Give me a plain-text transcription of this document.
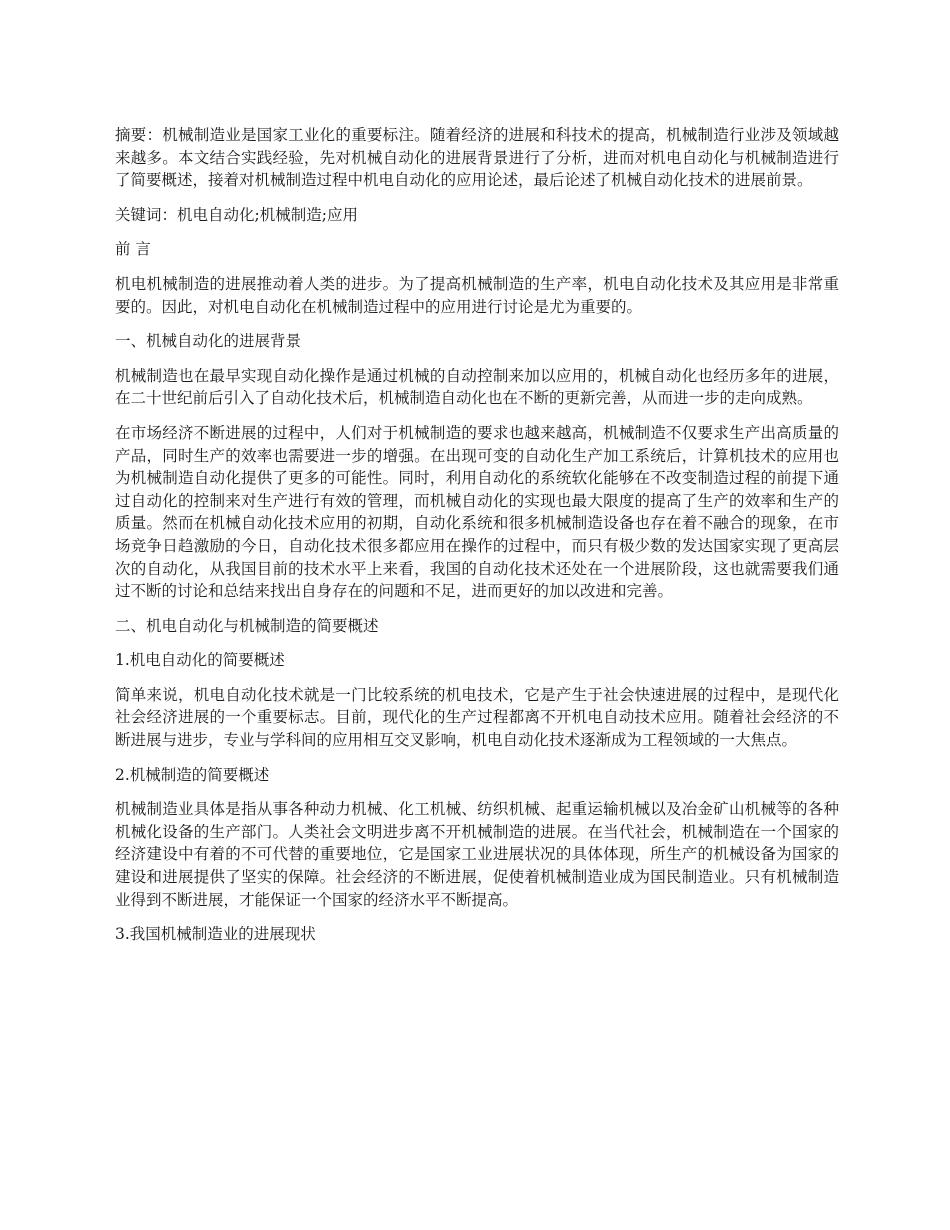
摘要：机械制造业是国家工业化的重要标注。随着经济的进展和科技术的提高，机械制造行业涉及领域越来越多。本文结合实践经验，先对机械自动化的进展背景进行了分析，进而对机电自动化与机械制造进行了简要概述，接着对机械制造过程中机电自动化的应用论述，最后论述了机械自动化技术的进展前景。

关键词：机电自动化;机械制造;应用

前 言

机电机械制造的进展推动着人类的进步。为了提高机械制造的生产率，机电自动化技术及其应用是非常重要的。因此，对机电自动化在机械制造过程中的应用进行讨论是尤为重要的。

一、机械自动化的进展背景

机械制造也在最早实现自动化操作是通过机械的自动控制来加以应用的，机械自动化也经历多年的进展，在二十世纪前后引入了自动化技术后，机械制造自动化也在不断的更新完善，从而进一步的走向成熟。

在市场经济不断进展的过程中，人们对于机械制造的要求也越来越高，机械制造不仅要求生产出高质量的产品，同时生产的效率也需要进一步的增强。在出现可变的自动化生产加工系统后，计算机技术的应用也为机械制造自动化提供了更多的可能性。同时，利用自动化的系统软化能够在不改变制造过程的前提下通过自动化的控制来对生产进行有效的管理，而机械自动化的实现也最大限度的提高了生产的效率和生产的质量。然而在机械自动化技术应用的初期，自动化系统和很多机械制造设备也存在着不融合的现象，在市场竞争日趋激励的今日，自动化技术很多都应用在操作的过程中，而只有极少数的发达国家实现了更高层次的自动化，从我国目前的技术水平上来看，我国的自动化技术还处在一个进展阶段，这也就需要我们通过不断的讨论和总结来找出自身存在的问题和不足，进而更好的加以改进和完善。

二、机电自动化与机械制造的简要概述

1.机电自动化的简要概述

简单来说，机电自动化技术就是一门比较系统的机电技术，它是产生于社会快速进展的过程中，是现代化社会经济进展的一个重要标志。目前，现代化的生产过程都离不开机电自动技术应用。随着社会经济的不断进展与进步，专业与学科间的应用相互交叉影响，机电自动化技术逐渐成为工程领域的一大焦点。

2.机械制造的简要概述

机械制造业具体是指从事各种动力机械、化工机械、纺织机械、起重运输机械以及冶金矿山机械等的各种机械化设备的生产部门。人类社会文明进步离不开机械制造的进展。在当代社会，机械制造在一个国家的经济建设中有着的不可代替的重要地位，它是国家工业进展状况的具体体现，所生产的机械设备为国家的建设和进展提供了坚实的保障。社会经济的不断进展，促使着机械制造业成为国民制造业。只有机械制造业得到不断进展，才能保证一个国家的经济水平不断提高。

3.我国机械制造业的进展现状
